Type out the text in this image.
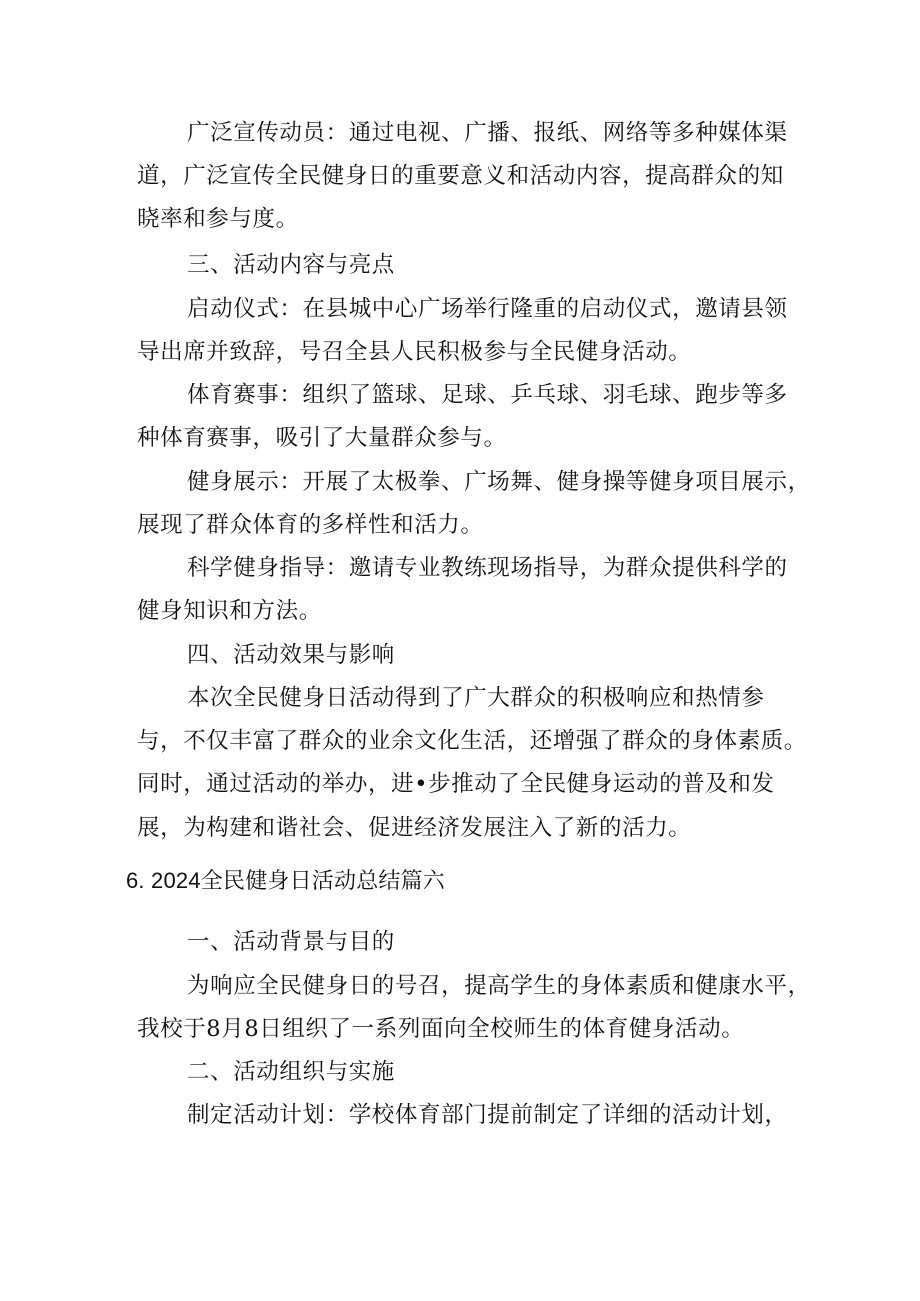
广泛宣传动员：通过电视、广播、报纸、网络等多种媒体渠
道，广泛宣传全民健身日的重要意义和活动内容，提高群众的知
晓率和参与度。
三、活动内容与亮点
启动仪式：在县城中心广场举行隆重的启动仪式，邀请县领
导出席并致辞，号召全县人民积极参与全民健身活动。
体育赛事：组织了篮球、足球、乒乓球、羽毛球、跑步等多
种体育赛事，吸引了大量群众参与。
健身展示：开展了太极拳、广场舞、健身操等健身项目展示，
展现了群众体育的多样性和活力。
科学健身指导：邀请专业教练现场指导，为群众提供科学的
健身知识和方法。
四、活动效果与影响
本次全民健身日活动得到了广大群众的积极响应和热情参
与，不仅丰富了群众的业余文化生活，还增强了群众的身体素质。
同时，通过活动的举办，进•步推动了全民健身运动的普及和发
展，为构建和谐社会、促进经济发展注入了新的活力。
6. 2024全民健身日活动总结篇六
一、活动背景与目的
为响应全民健身日的号召，提高学生的身体素质和健康水平，
我校于8月8日组织了一系列面向全校师生的体育健身活动。
二、活动组织与实施
制定活动计划：学校体育部门提前制定了详细的活动计划，
